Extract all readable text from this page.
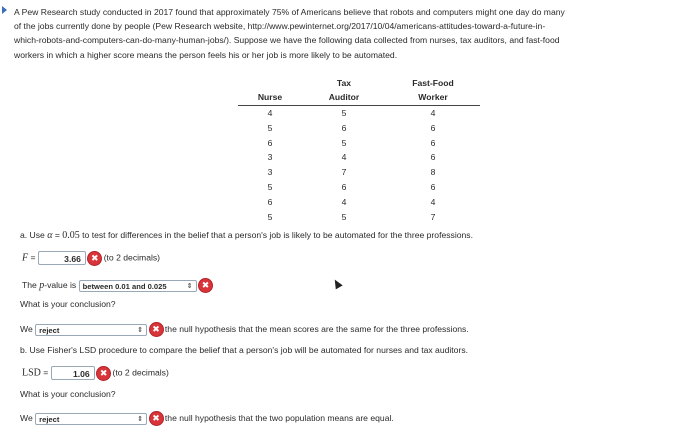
A Pew Research study conducted in 2017 found that approximately 75% of Americans believe that robots and computers might one day do many
of the jobs currently done by people (Pew Research website, http://www.pewinternet.org/2017/10/04/americans-attitudes-toward-a-future-in-
which-robots-and-computers-can-do-many-human-jobs/). Suppose we have the following data collected from nurses, tax auditors, and fast-food
workers in which a higher score means the person feels his or her job is more likely to be automated.
	Tax	Fast-Food
Nurse	Auditor	Worker
4	5	4
5	6	6
6	5	6
3	4	6
3	7	8
5	6	6
6	4	4
5	5	7
a. Use α = 0.05 to test for differences in the belief that a person's job is likely to be automated for the three professions.
F =	3.66 ✖ (to 2 decimals)
The p-value is between 0.01 and 0.025	⇕ ✖
What is your conclusion?
We reject	⇕ ✖ the null hypothesis that the mean scores are the same for the three professions.
b. Use Fisher's LSD procedure to compare the belief that a person's job will be automated for nurses and tax auditors.
LSD =	1.06 ✖ (to 2 decimals)
What is your conclusion?
We reject	⇕ ✖ the null hypothesis that the two population means are equal.
